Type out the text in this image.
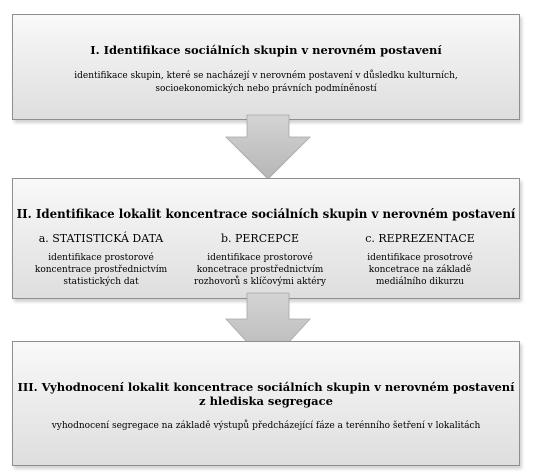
I. Identifikace sociálních skupin v nerovném postavení
identifikace skupin, které se nacházejí v nerovném postavení v důsledku kulturních, socioekonomických nebo právních podmíněností
II. Identifikace lokalit koncentrace sociálních skupin v nerovném postavení
a. STATISTICKÁ DATA
identifikace prostorové koncentrace prostřednictvím statistických dat
b. PERCEPCE
identifikace prostorové koncetrace prostřednictvím rozhovorů s klíčovými aktéry
c. REPREZENTACE
identifikace prosotrové koncetrace na základě mediálního dikurzu
III. Vyhodnocení lokalit koncentrace sociálních skupin v nerovném postavení z hlediska segregace
vyhodnocení segregace na základě výstupů předcházející fáze a terénního šetření v lokalitách
